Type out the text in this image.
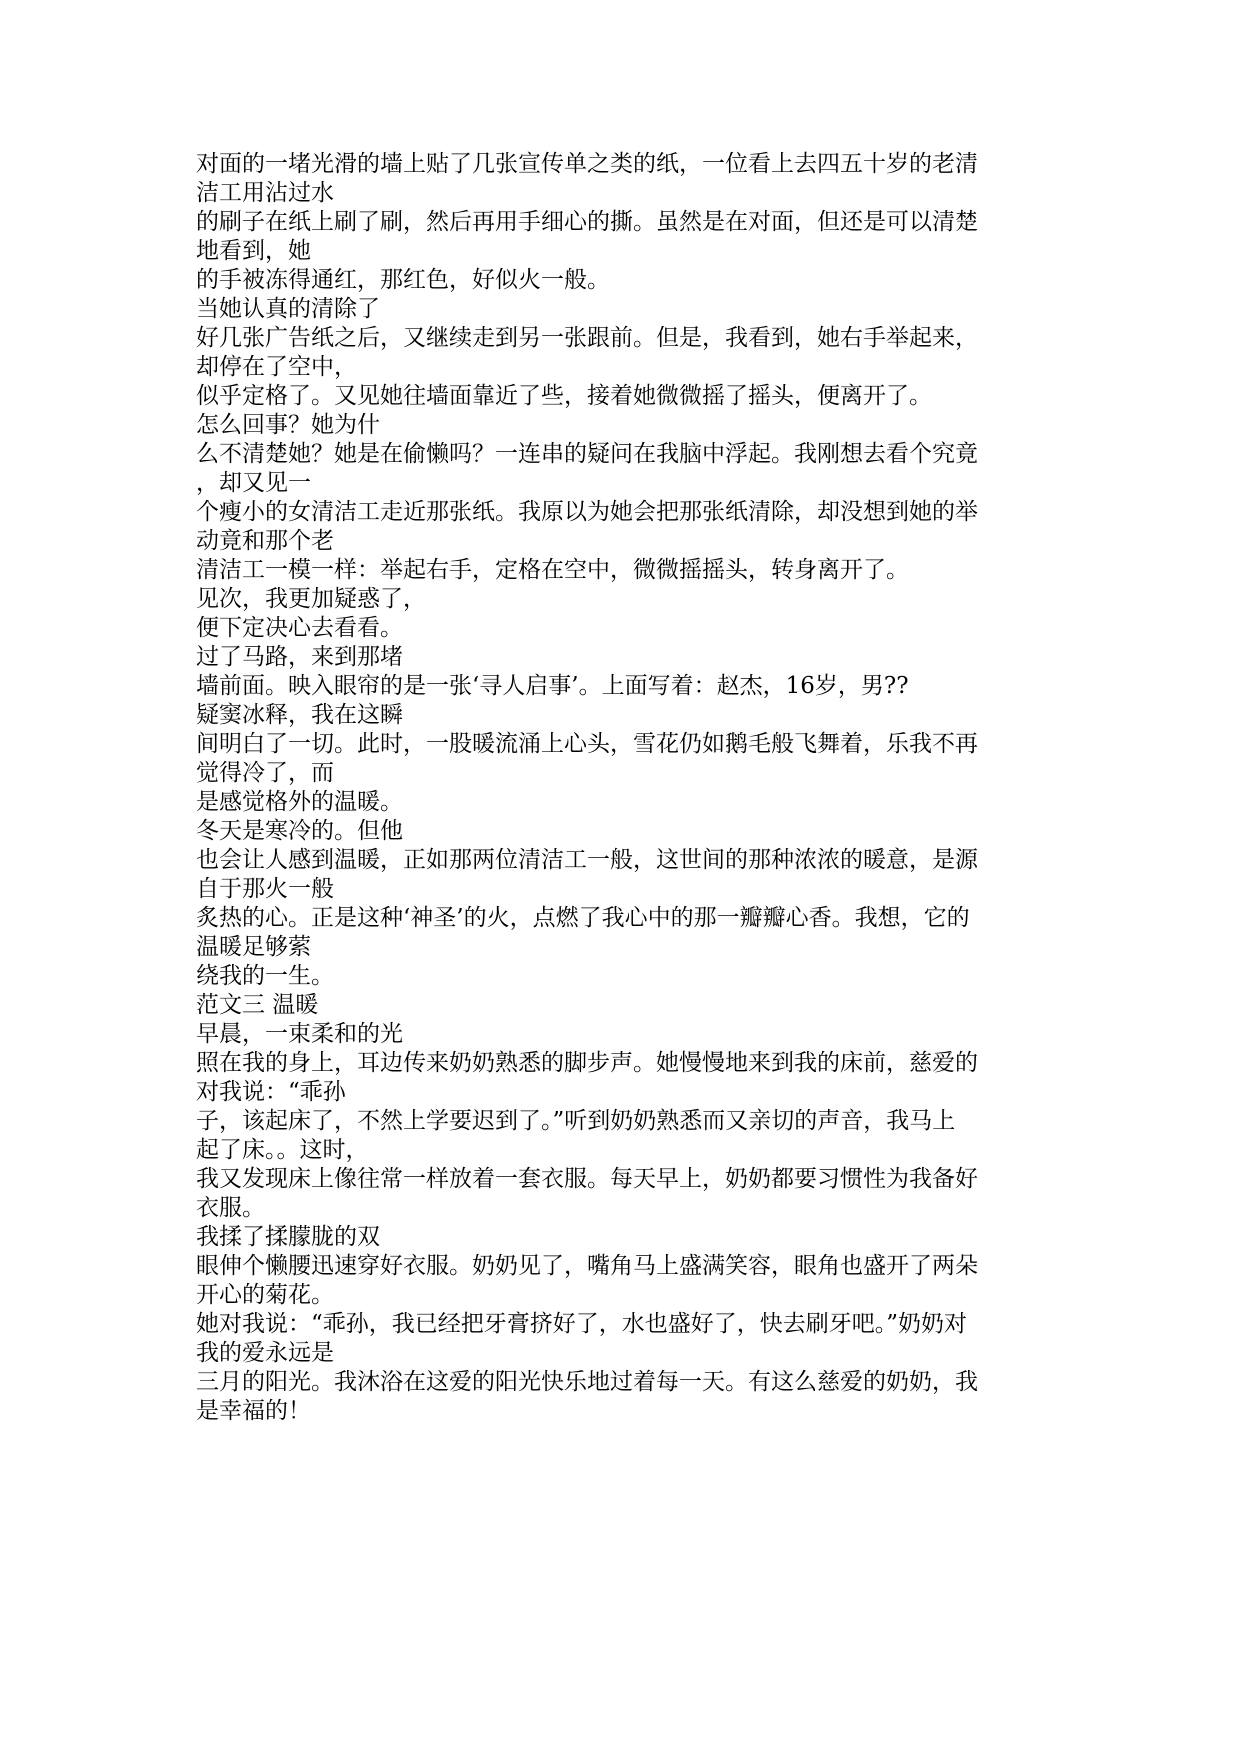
对面的一堵光滑的墙上贴了几张宣传单之类的纸，一位看上去四五十岁的老清
洁工用沾过水
的刷子在纸上刷了刷，然后再用手细心的撕。虽然是在对面，但还是可以清楚
地看到，她
的手被冻得通红，那红色，好似火一般。
当她认真的清除了
好几张广告纸之后，又继续走到另一张跟前。但是，我看到，她右手举起来，
却停在了空中，
似乎定格了。又见她往墙面靠近了些，接着她微微摇了摇头，便离开了。
怎么回事？她为什
么不清楚她？她是在偷懒吗？一连串的疑问在我脑中浮起。我刚想去看个究竟
，却又见一
个瘦小的女清洁工走近那张纸。我原以为她会把那张纸清除，却没想到她的举
动竟和那个老
清洁工一模一样：举起右手，定格在空中，微微摇摇头，转身离开了。
见次，我更加疑惑了，
便下定决心去看看。
过了马路，来到那堵
墙前面。映入眼帘的是一张‘寻人启事’。上面写着：赵杰，16岁，男??
疑窦冰释，我在这瞬
间明白了一切。此时，一股暖流涌上心头，雪花仍如鹅毛般飞舞着，乐我不再
觉得冷了，而
是感觉格外的温暖。
冬天是寒冷的。但他
也会让人感到温暖，正如那两位清洁工一般，这世间的那种浓浓的暖意，是源
自于那火一般
炙热的心。正是这种‘神圣’的火，点燃了我心中的那一瓣瓣心香。我想，它的
温暖足够萦
绕我的一生。
范文三 温暖
早晨，一束柔和的光
照在我的身上，耳边传来奶奶熟悉的脚步声。她慢慢地来到我的床前，慈爱的
对我说：“乖孙
子，该起床了，不然上学要迟到了。”听到奶奶熟悉而又亲切的声音，我马上
起了床。。这时，
我又发现床上像往常一样放着一套衣服。每天早上，奶奶都要习惯性为我备好
衣服。
我揉了揉朦胧的双
眼伸个懒腰迅速穿好衣服。奶奶见了，嘴角马上盛满笑容，眼角也盛开了两朵
开心的菊花。
她对我说：“乖孙，我已经把牙膏挤好了，水也盛好了，快去刷牙吧。”奶奶对
我的爱永远是
三月的阳光。我沐浴在这爱的阳光快乐地过着每一天。有这么慈爱的奶奶，我
是幸福的！
